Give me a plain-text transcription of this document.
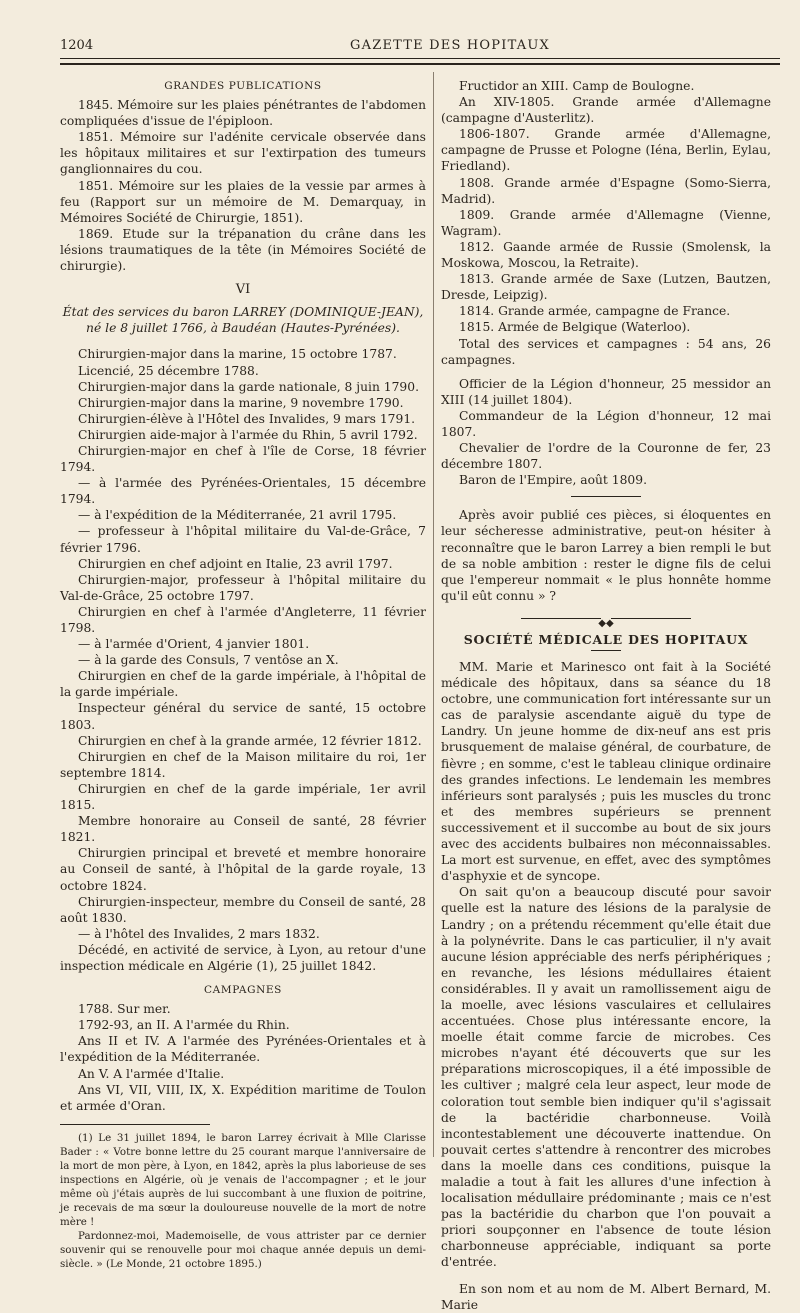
1204	GAZETTE DES HOPITAUX
GRANDES PUBLICATIONS

1845. Mémoire sur les plaies pénétrantes de l'abdomen compliquées d'issue de l'épiploon.

1851. Mémoire sur l'adénite cervicale observée dans les hôpitaux militaires et sur l'extirpation des tumeurs ganglionnaires du cou.

1851. Mémoire sur les plaies de la vessie par armes à feu (Rapport sur un mémoire de M. Demarquay, in Mémoires Société de Chirurgie, 1851).

1869. Etude sur la trépanation du crâne dans les lésions traumatiques de la tête (in Mémoires Société de chirurgie).

VI
État des services du baron LARREY (DOMINIQUE-JEAN),
né le 8 juillet 1766, à Baudéan (Hautes-Pyrénées).

Chirurgien-major dans la marine, 15 octobre 1787.

Licencié, 25 décembre 1788.

Chirurgien-major dans la garde nationale, 8 juin 1790.

Chirurgien-major dans la marine, 9 novembre 1790.

Chirurgien-élève à l'Hôtel des Invalides, 9 mars 1791.

Chirurgien aide-major à l'armée du Rhin, 5 avril 1792.

Chirurgien-major en chef à l'île de Corse, 18 février 1794.

— à l'armée des Pyrénées-Orientales, 15 décembre 1794.

— à l'expédition de la Méditerranée, 21 avril 1795.

— professeur à l'hôpital militaire du Val-de-Grâce, 7 février 1796.

Chirurgien en chef adjoint en Italie, 23 avril 1797.

Chirurgien-major, professeur à l'hôpital militaire du Val-de-Grâce, 25 octobre 1797.

Chirurgien en chef à l'armée d'Angleterre, 11 février 1798.

— à l'armée d'Orient, 4 janvier 1801.

— à la garde des Consuls, 7 ventôse an X.

Chirurgien en chef de la garde impériale, à l'hôpital de la garde impériale.

Inspecteur général du service de santé, 15 octobre 1803.

Chirurgien en chef à la grande armée, 12 février 1812.

Chirurgien en chef de la Maison militaire du roi, 1er septembre 1814.

Chirurgien en chef de la garde impériale, 1er avril 1815.

Membre honoraire au Conseil de santé, 28 février 1821.

Chirurgien principal et breveté et membre honoraire au Conseil de santé, à l'hôpital de la garde royale, 13 octobre 1824.

Chirurgien-inspecteur, membre du Conseil de santé, 28 août 1830.

— à l'hôtel des Invalides, 2 mars 1832.

Décédé, en activité de service, à Lyon, au retour d'une inspection médicale en Algérie (1), 25 juillet 1842.

CAMPAGNES

1788. Sur mer.

1792-93, an II. A l'armée du Rhin.

Ans II et IV. A l'armée des Pyrénées-Orientales et à l'expédition de la Méditerranée.

An V. A l'armée d'Italie.

Ans VI, VII, VIII, IX, X. Expédition maritime de Toulon et armée d'Oran.

(1) Le 31 juillet 1894, le baron Larrey écrivait à Mlle Clarisse Bader : « Votre bonne lettre du 25 courant marque l'anniversaire de la mort de mon père, à Lyon, en 1842, après la plus laborieuse de ses inspections en Algérie, où je venais de l'accompagner ; et le jour même où j'étais auprès de lui succombant à une fluxion de poitrine, je recevais de ma sœur la douloureuse nouvelle de la mort de notre mère !

Pardonnez-moi, Mademoiselle, de vous attrister par ce dernier souvenir qui se renouvelle pour moi chaque année depuis un demi-siècle. » (Le Monde, 21 octobre 1895.)

Fructidor an XIII. Camp de Boulogne.

An XIV-1805. Grande armée d'Allemagne (campagne d'Austerlitz).

1806-1807. Grande armée d'Allemagne, campagne de Prusse et Pologne (Iéna, Berlin, Eylau, Friedland).

1808. Grande armée d'Espagne (Somo-Sierra, Madrid).

1809. Grande armée d'Allemagne (Vienne, Wagram).

1812. Gaande armée de Russie (Smolensk, la Moskowa, Moscou, la Retraite).

1813. Grande armée de Saxe (Lutzen, Bautzen, Dresde, Leipzig).

1814. Grande armée, campagne de France.

1815. Armée de Belgique (Waterloo).

Total des services et campagnes : 54 ans, 26 campagnes.

Officier de la Légion d'honneur, 25 messidor an XIII (14 juillet 1804).

Commandeur de la Légion d'honneur, 12 mai 1807.

Chevalier de l'ordre de la Couronne de fer, 23 décembre 1807.

Baron de l'Empire, août 1809.

Après avoir publié ces pièces, si éloquentes en leur sécheresse administrative, peut-on hésiter à reconnaître que le baron Larrey a bien rempli le but de sa noble ambition : rester le digne fils de celui que l'empereur nommait « le plus honnête homme qu'il eût connu » ?

◆◆
SOCIÉTÉ MÉDICALE DES HOPITAUX

MM. Marie et Marinesco ont fait à la Société médicale des hôpitaux, dans sa séance du 18 octobre, une communication fort intéressante sur un cas de paralysie ascendante aiguë du type de Landry. Un jeune homme de dix-neuf ans est pris brusquement de malaise général, de courbature, de fièvre ; en somme, c'est le tableau clinique ordinaire des grandes infections. Le lendemain les membres inférieurs sont paralysés ; puis les muscles du tronc et des membres supérieurs se prennent successivement et il succombe au bout de six jours avec des accidents bulbaires non méconnaissables. La mort est survenue, en effet, avec des symptômes d'asphyxie et de syncope.

On sait qu'on a beaucoup discuté pour savoir quelle est la nature des lésions de la paralysie de Landry ; on a prétendu récemment qu'elle était due à la polynévrite. Dans le cas particulier, il n'y avait aucune lésion appréciable des nerfs périphériques ; en revanche, les lésions médullaires étaient considérables. Il y avait un ramollissement aigu de la moelle, avec lésions vasculaires et cellulaires accentuées. Chose plus intéressante encore, la moelle était comme farcie de microbes. Ces microbes n'ayant été découverts que sur les préparations microscopiques, il a été impossible de les cultiver ; malgré cela leur aspect, leur mode de coloration tout semble bien indiquer qu'il s'agissait de la bactéridie charbonneuse. Voilà incontestablement une découverte inattendue. On pouvait certes s'attendre à rencontrer des microbes dans la moelle dans ces conditions, puisque la maladie a tout à fait les allures d'une infection à localisation médullaire prédominante ; mais ce n'est pas la bactéridie du charbon que l'on pouvait a priori soupçonner en l'absence de toute lésion charbonneuse appréciable, indiquant sa porte d'entrée.

En son nom et au nom de M. Albert Bernard, M. Marie
